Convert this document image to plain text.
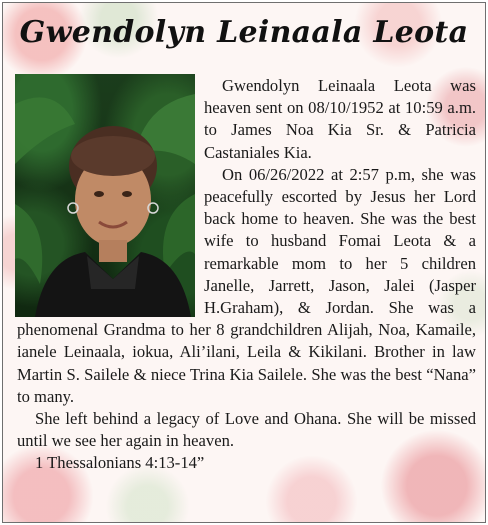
Gwendolyn Leinaala Leota

Gwendolyn Leinaala Leota was heaven sent on 08/10/1952 at 10:59 a.m. to James Noa Kia Sr. & Patricia Castaniales Kia.

On 06/26/2022 at 2:57 p.m, she was peacefully escorted by Jesus her Lord back home to heaven. She was the best wife to husband Fomai Leota & a remarkable mom to her 5 children Janelle, Jarrett, Jason, Jalei (Jasper H.Graham), & Jordan. She was a phenomenal Grandma to her 8 grandchildren Alijah, Noa, Kamaile, ianele Leinaala, iokua, Ali’ilani, Leila & Kikilani. Brother in law Martin S. Sailele & niece Trina Kia Sailele. She was the best “Nana” to many.

She left behind a legacy of Love and Ohana. She will be missed until we see her again in heaven.

1 Thessalonians 4:13-14”
